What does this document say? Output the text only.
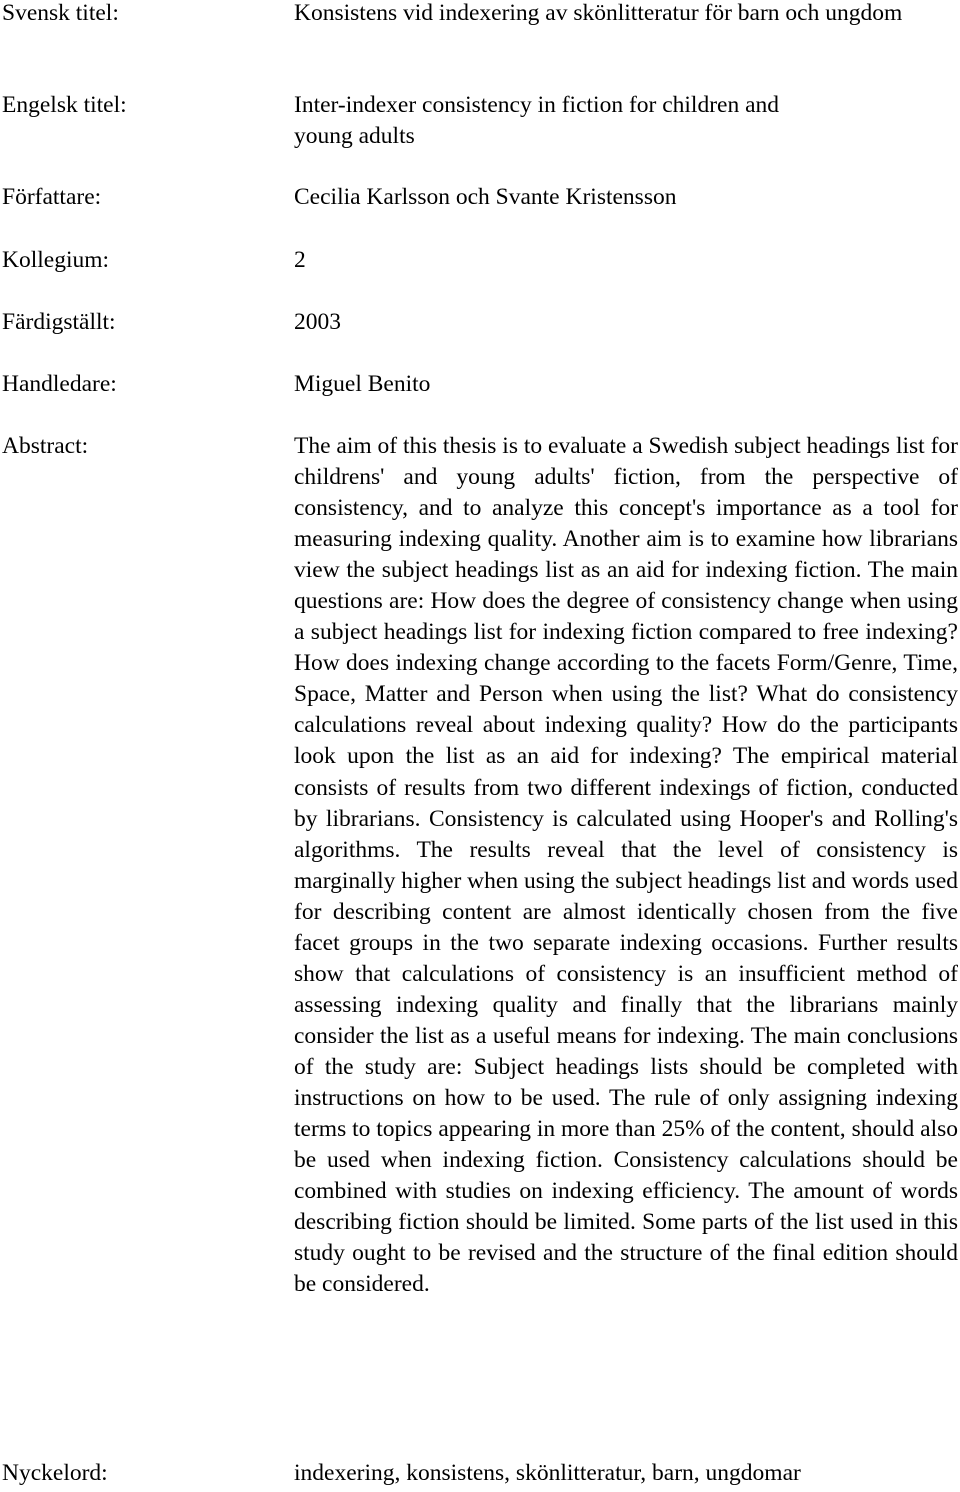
Svensk titel:	Konsistens vid indexering av skönlitteratur för barn och ungdom
Engelsk titel:	Inter-indexer consistency in fiction for children and young adults
Författare:	Cecilia Karlsson och Svante Kristensson
Kollegium:	2
Färdigställt:	2003
Handledare:	Miguel Benito
Abstract:	The aim of this thesis is to evaluate a Swedish subject headings list for childrens' and young adults' fiction, from the perspective of consistency, and to analyze this concept's importance as a tool for measuring indexing quality. Another aim is to examine how librarians view the subject headings list as an aid for indexing fiction. The main questions are: How does the degree of consistency change when using a subject headings list for indexing fiction compared to free indexing? How does indexing change according to the facets Form/Genre, Time, Space, Matter and Person when using the list? What do consistency calculations reveal about indexing quality? How do the participants look upon the list as an aid for indexing? The empirical material consists of results from two different indexings of fiction, conducted by librarians. Consistency is calculated using Hooper's and Rolling's algorithms. The results reveal that the level of consistency is marginally higher when using the subject headings list and words used for describing content are almost identically chosen from the five facet groups in the two separate indexing occasions. Further results show that calculations of consistency is an insufficient method of assessing indexing quality and finally that the librarians mainly consider the list as a useful means for indexing. The main conclusions of the study are: Subject headings lists should be completed with instructions on how to be used. The rule of only assigning indexing terms to topics appearing in more than 25% of the content, should also be used when indexing fiction. Consistency calculations should be combined with studies on indexing efficiency. The amount of words describing fiction should be limited. Some parts of the list used in this study ought to be revised and the structure of the final edition should be considered.
Nyckelord:	indexering, konsistens, skönlitteratur, barn, ungdomar
